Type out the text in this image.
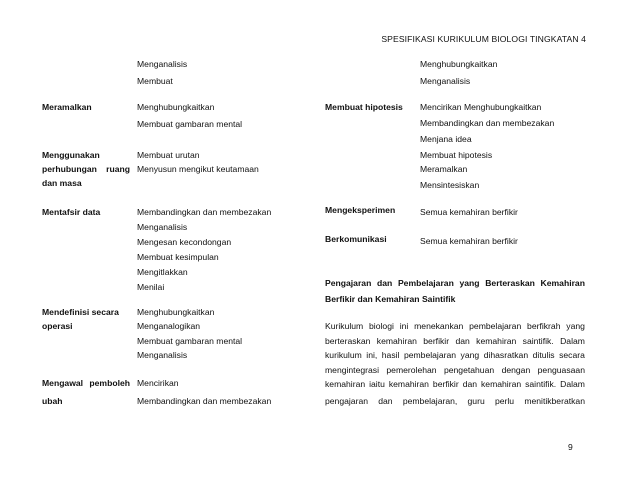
SPESIFIKASI KURIKULUM BIOLOGI TINGKATAN 4
Meramalkan
Menggunakan
perhubungan ruang
dan masa
Mentafsir data
Mendefinisi secara
operasi
Mengawal pemboleh
ubah
Menganalisis
Membuat
Menghubungkaitkan
Membuat gambaran mental
Membuat urutan
Menyusun mengikut keutamaan
Membandingkan dan membezakan
Menganalisis
Mengesan kecondongan
Membuat kesimpulan
Mengitlakkan
Menilai
Menghubungkaitkan
Menganalogikan
Membuat gambaran mental
Menganalisis
Mencirikan
Membandingkan dan membezakan
Membuat hipotesis
Mengeksperimen
Berkomunikasi
Menghubungkaitkan
Menganalisis
Mencirikan Menghubungkaitkan
Membandingkan dan membezakan
Menjana idea
Membuat hipotesis
Meramalkan
Mensintesiskan
Semua kemahiran berfikir
Semua kemahiran berfikir
Pengajaran dan Pembelajaran yang Berteraskan Kemahiran
Berfikir dan Kemahiran Saintifik
Kurikulum biologi ini menekankan pembelajaran berfikrah yang
berteraskan kemahiran berfikir dan kemahiran saintifik. Dalam
kurikulum ini, hasil pembelajaran yang dihasratkan ditulis secara
mengintegrasi pemerolehan pengetahuan dengan penguasaan
kemahiran iaitu kemahiran berfikir dan kemahiran saintifik. Dalam
pengajaran dan pembelajaran, guru perlu menitikberatkan
9
